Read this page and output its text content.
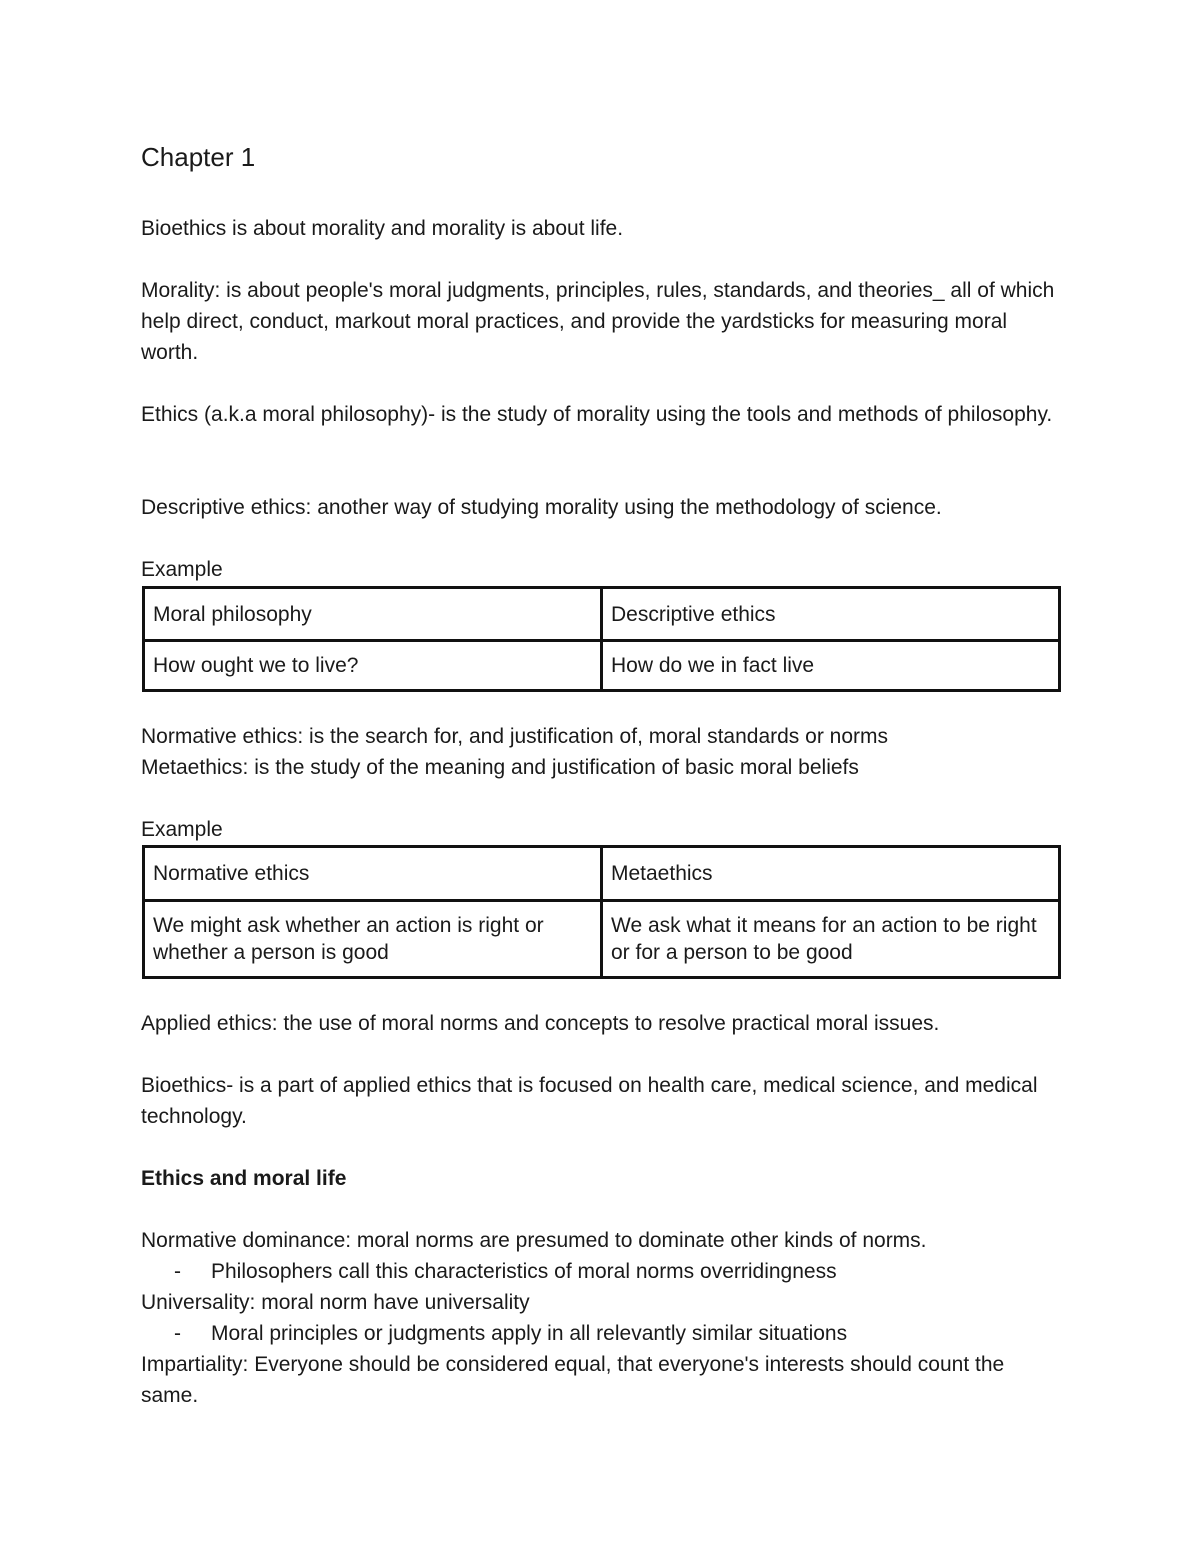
Chapter 1

Bioethics is about morality and morality is about life.

Morality: is about people's moral judgments, principles, rules, standards, and theories_ all of which help direct, conduct, markout moral practices, and provide the yardsticks for measuring moral worth.

Ethics (a.k.a moral philosophy)- is the study of morality using the tools and methods of philosophy.

Descriptive ethics: another way of studying morality using the methodology of science.

Example

Moral philosophy	Descriptive ethics
How ought we to live?	How do we in fact live

Normative ethics: is the search for, and justification of, moral standards or norms

Metaethics: is the study of the meaning and justification of basic moral beliefs

Example

Normative ethics	Metaethics
We might ask whether an action is right or whether a person is good	We ask what it means for an action to be right or for a person to be good

Applied ethics: the use of moral norms and concepts to resolve practical moral issues.

Bioethics- is a part of applied ethics that is focused on health care, medical science, and medical technology.

Ethics and moral life

Normative dominance: moral norms are presumed to dominate other kinds of norms.

- Philosophers call this characteristics of moral norms overridingness

Universality: moral norm have universality

- Moral principles or judgments apply in all relevantly similar situations

Impartiality: Everyone should be considered equal, that everyone's interests should count the same.
